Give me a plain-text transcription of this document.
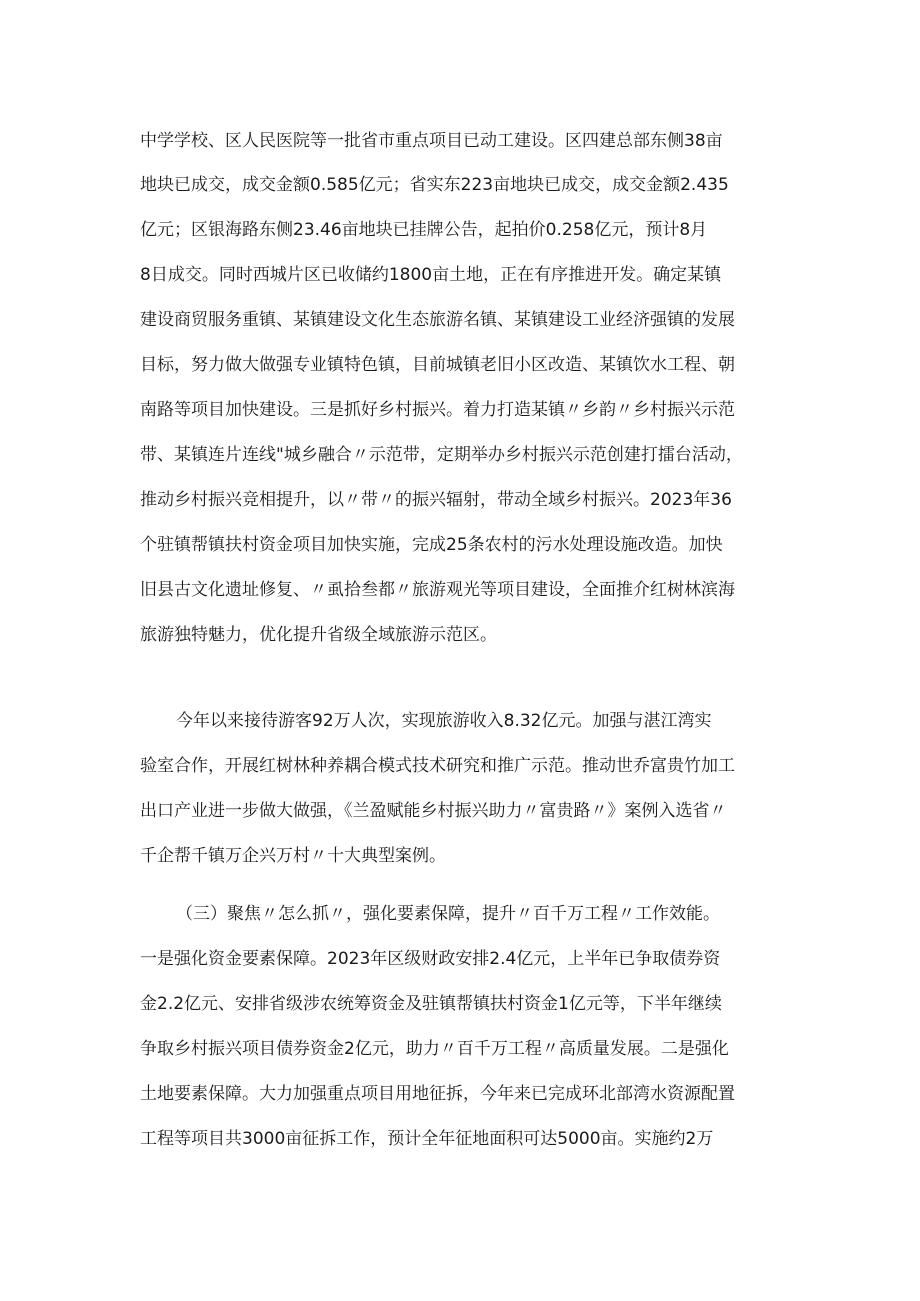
中学学校、区人民医院等一批省市重点项目已动工建设。区四建总部东侧38亩
地块已成交，成交金额0.585亿元；省实东223亩地块已成交，成交金额2.435
亿元；区银海路东侧23.46亩地块已挂牌公告，起拍价0.258亿元，预计8月
8日成交。同时西城片区已收储约1800亩土地，正在有序推进开发。确定某镇
建设商贸服务重镇、某镇建设文化生态旅游名镇、某镇建设工业经济强镇的发展
目标，努力做大做强专业镇特色镇，目前城镇老旧小区改造、某镇饮水工程、朝
南路等项目加快建设。三是抓好乡村振兴。着力打造某镇〃乡韵〃乡村振兴示范
带、某镇连片连线"城乡融合〃示范带，定期举办乡村振兴示范创建打擂台活动，
推动乡村振兴竞相提升，以〃带〃的振兴辐射，带动全域乡村振兴。2023年36
个驻镇帮镇扶村资金项目加快实施，完成25条农村的污水处理设施改造。加快
旧县古文化遗址修复、〃虱拾叁都〃旅游观光等项目建设，全面推介红树林滨海
旅游独特魅力，优化提升省级全域旅游示范区。
今年以来接待游客92万人次，实现旅游收入8.32亿元。加强与湛江湾实
验室合作，开展红树林种养耦合模式技术研究和推广示范。推动世乔富贵竹加工
出口产业进一步做大做强，《兰盈赋能乡村振兴助力〃富贵路〃》案例入选省〃
千企帮千镇万企兴万村〃十大典型案例。
（三）聚焦〃怎么抓〃，强化要素保障，提升〃百千万工程〃工作效能。
一是强化资金要素保障。2023年区级财政安排2.4亿元，上半年已争取债券资
金2.2亿元、安排省级涉农统筹资金及驻镇帮镇扶村资金1亿元等，下半年继续
争取乡村振兴项目债券资金2亿元，助力〃百千万工程〃高质量发展。二是强化
土地要素保障。大力加强重点项目用地征拆，今年来已完成环北部湾水资源配置
工程等项目共3000亩征拆工作，预计全年征地面积可达5000亩。实施约2万
